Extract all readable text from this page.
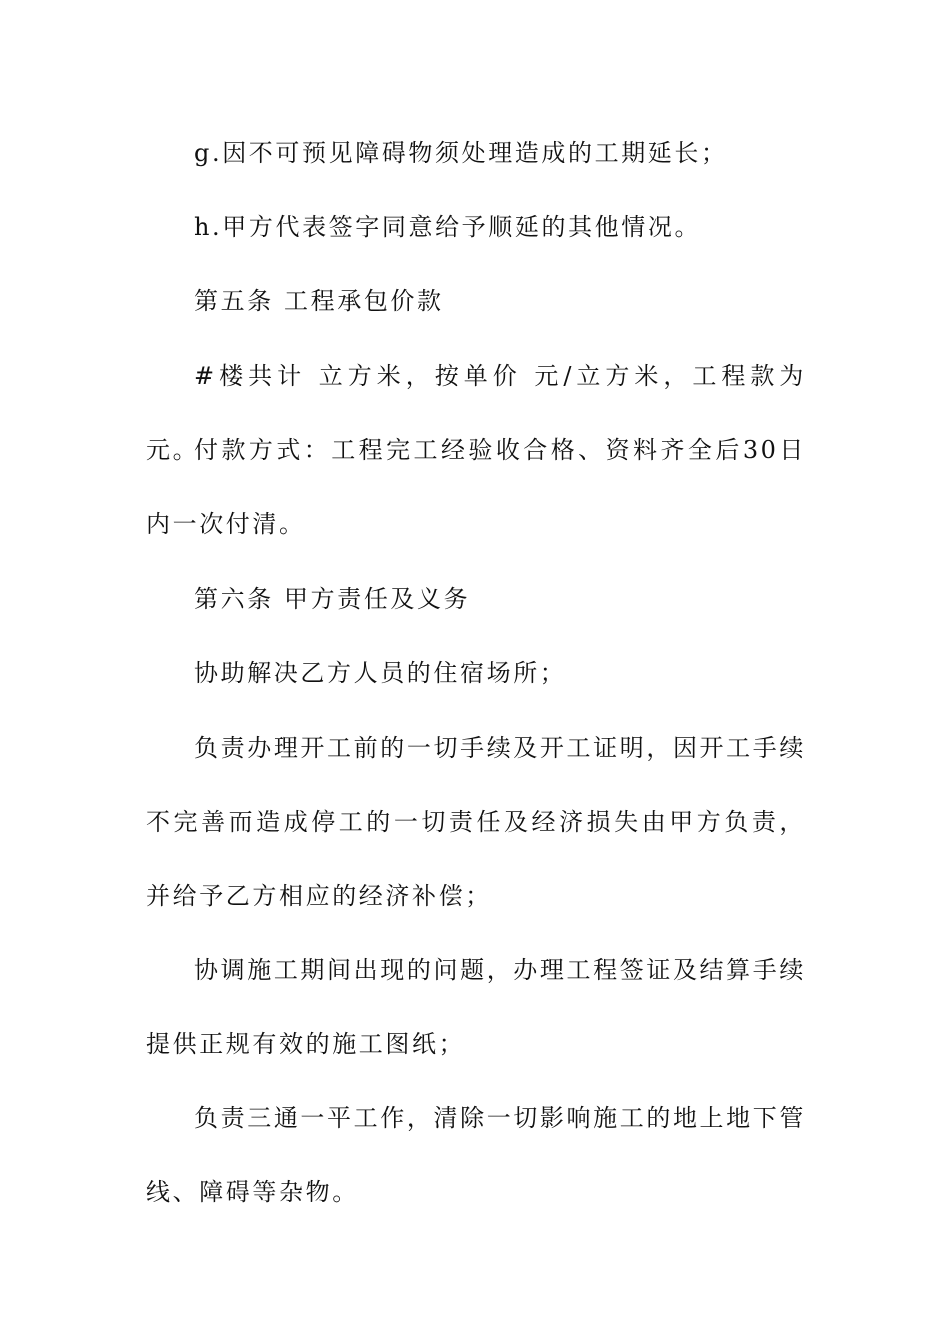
g.因不可预见障碍物须处理造成的工期延长；

h.甲方代表签字同意给予顺延的其他情况。

第五条 工程承包价款

#楼共计 立方米，按单价 元/立方米，工程款为元。

付款方式：工程完工经验收合格、资料齐全后30日内一次付清。

第六条 甲方责任及义务

协助解决乙方人员的住宿场所；

负责办理开工前的一切手续及开工证明，因开工手续不完善而造成停工的一切责任及经济损失由甲方负责，并给予乙方相应的经济补偿；

协调施工期间出现的问题，办理工程签证及结算手续提供正规有效的施工图纸；

负责三通一平工作，清除一切影响施工的地上地下管线、障碍等杂物。
